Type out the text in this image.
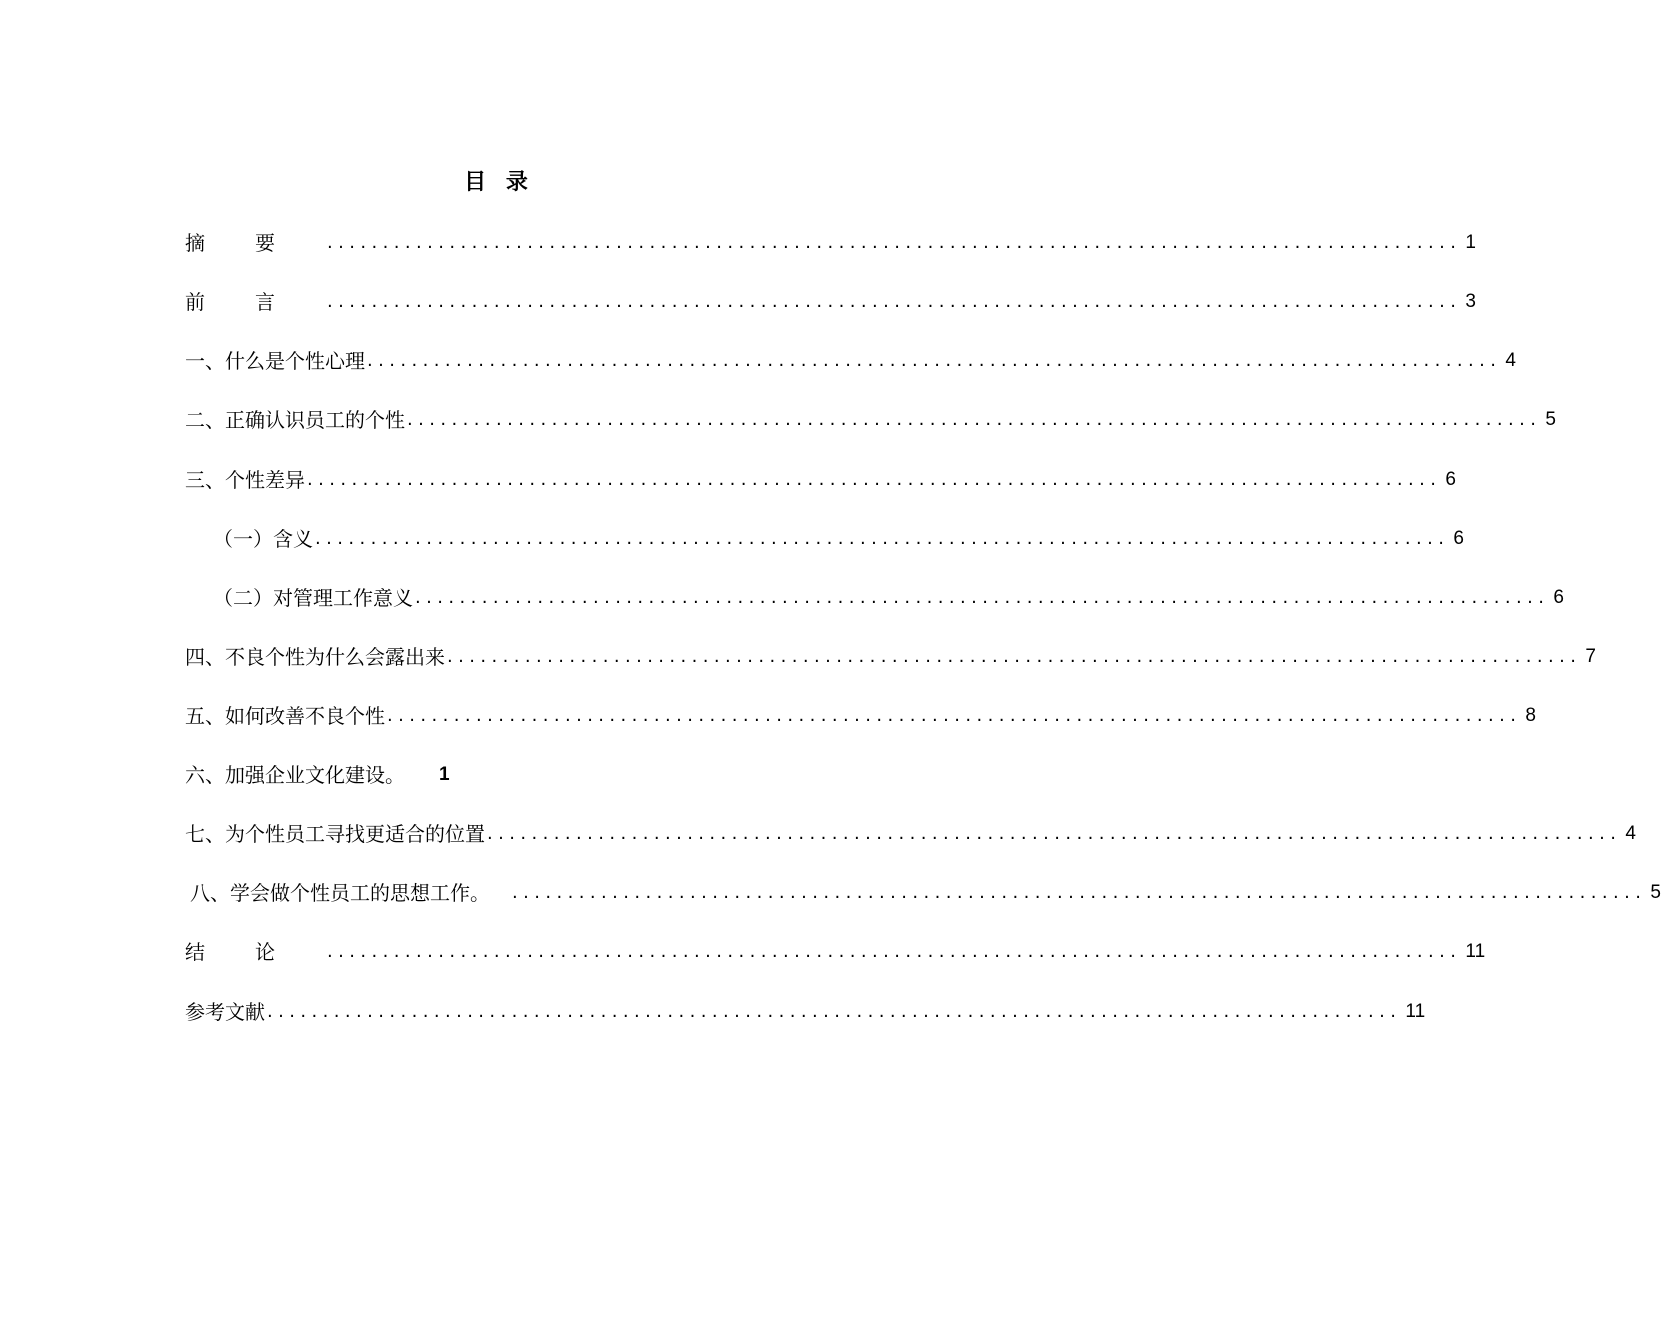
目 录
摘要 ...................................................................................................... 1
前言 ...................................................................................................... 3
一、什么是个性心理 ...................................................................................................... 4
二、正确认识员工的个性 ...................................................................................................... 5
三、个性差异 ...................................................................................................... 6
（一）含义 ...................................................................................................... 6
（二）对管理工作意义 ...................................................................................................... 6
四、不良个性为什么会露出来 ...................................................................................................... 7
五、如何改善不良个性 ...................................................................................................... 8
六、加强企业文化建设。 1
七、为个性员工寻找更适合的位置 ...................................................................................................... 4
八、学会做个性员工的思想工作。 ...................................................................................................... 5
结论 ...................................................................................................... 11
参考文献 ...................................................................................................... 11
